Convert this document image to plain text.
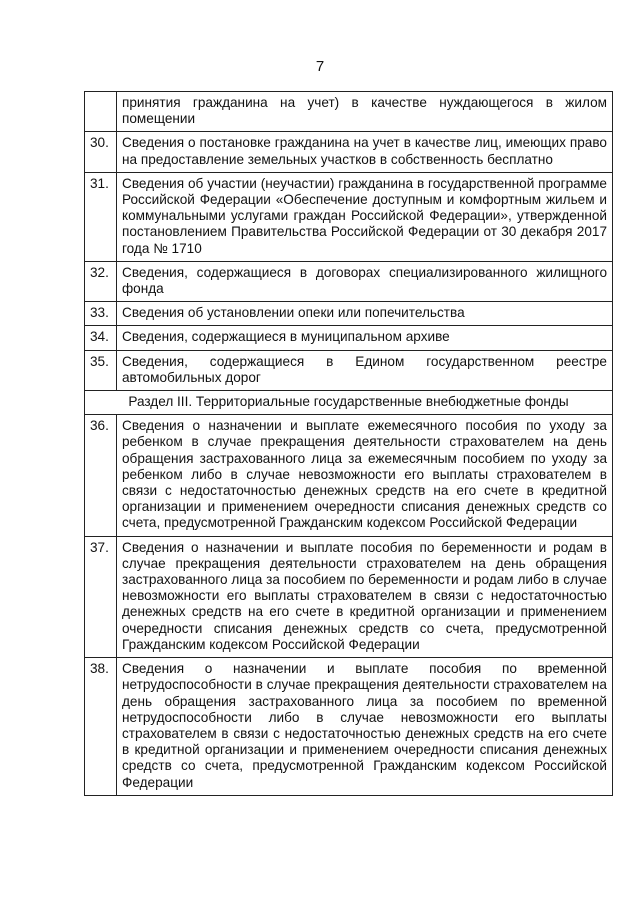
7
	принятия гражданина на учет) в качестве нуждающегося в жилом помещении
30.	Сведения о постановке гражданина на учет в качестве лиц, имеющих право на предоставление земельных участков в собственность бесплатно
31.	Сведения об участии (неучастии) гражданина в государственной программе Российской Федерации «Обеспечение доступным и комфортным жильем и коммунальными услугами граждан Российской Федерации», утвержденной постановлением Правительства Российской Федерации от 30 декабря 2017 года № 1710
32.	Сведения, содержащиеся в договорах специализированного жилищного фонда
33.	Сведения об установлении опеки или попечительства
34.	Сведения, содержащиеся в муниципальном архиве
35.	Сведения, содержащиеся в Едином государственном реестре автомобильных дорог
Раздел III. Территориальные государственные внебюджетные фонды	
36.	Сведения о назначении и выплате ежемесячного пособия по уходу за ребенком в случае прекращения деятельности страхователем на день обращения застрахованного лица за ежемесячным пособием по уходу за ребенком либо в случае невозможности его выплаты страхователем в связи с недостаточностью денежных средств на его счете в кредитной организации и применением очередности списания денежных средств со счета, предусмотренной Гражданским кодексом Российской Федерации
37.	Сведения о назначении и выплате пособия по беременности и родам в случае прекращения деятельности страхователем на день обращения застрахованного лица за пособием по беременности и родам либо в случае невозможности его выплаты страхователем в связи с недостаточностью денежных средств на его счете в кредитной организации и применением очередности списания денежных средств со счета, предусмотренной Гражданским кодексом Российской Федерации
38.	Сведения о назначении и выплате пособия по временной нетрудоспособности в случае прекращения деятельности страхователем на день обращения застрахованного лица за пособием по временной нетрудоспособности либо в случае невозможности его выплаты страхователем в связи с недостаточностью денежных средств на его счете в кредитной организации и применением очередности списания денежных средств со счета, предусмотренной Гражданским кодексом Российской Федерации
